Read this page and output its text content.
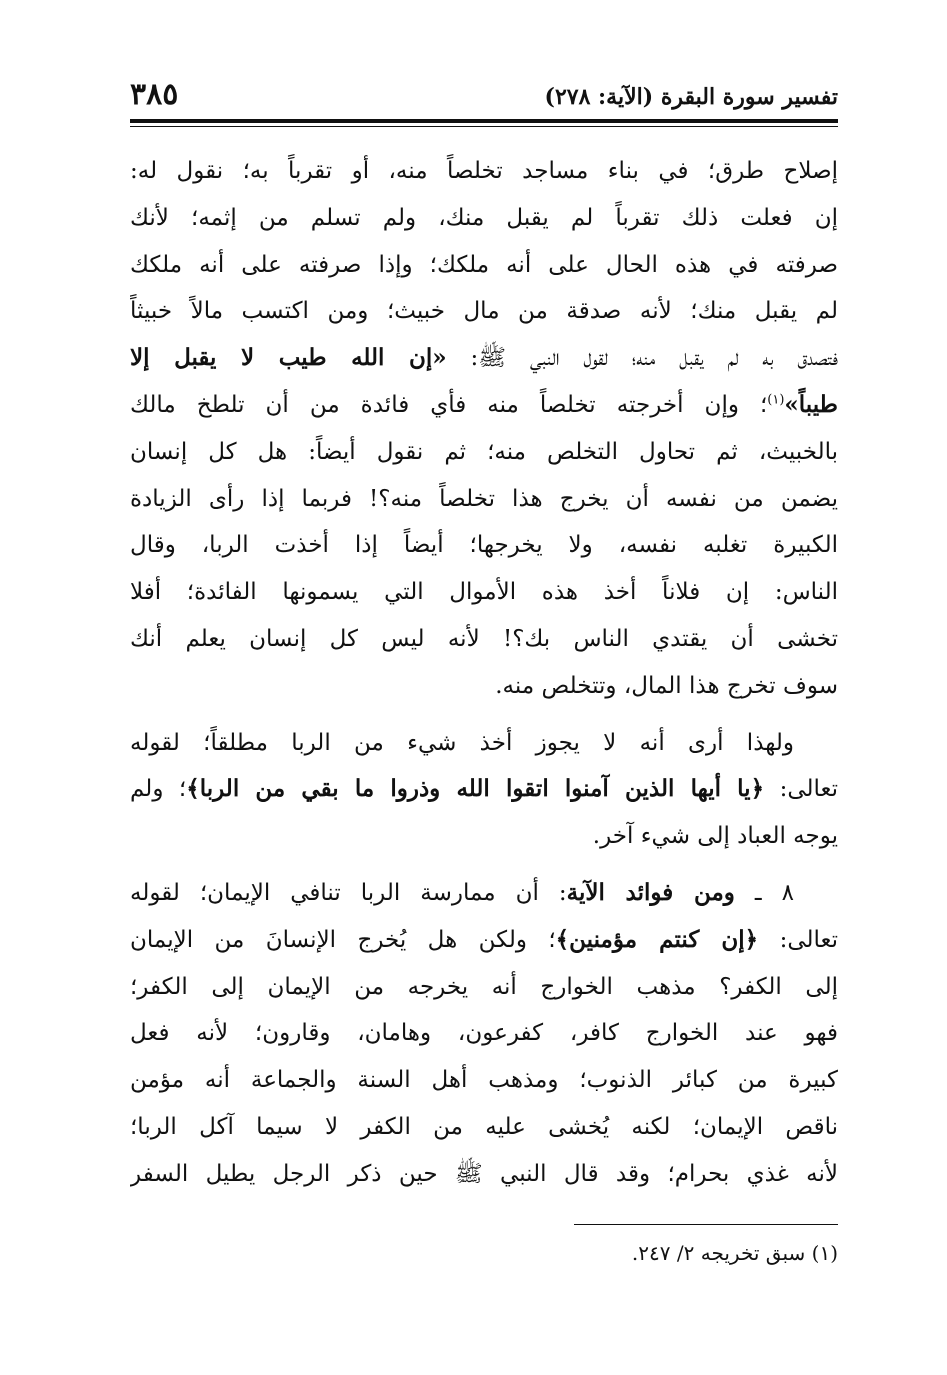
٣٨٥	تفسير سورة البقرة (الآية: ٢٧٨)

إصلاح طرق؛ في بناء مساجد تخلصاً منه، أو تقرباً به؛ نقول له:
إن فعلت ذلك تقرباً لم يقبل منك، ولم تسلم من إثمه؛ لأنك
صرفته في هذه الحال على أنه ملكك؛ وإذا صرفته على أنه ملكك
لم يقبل منك؛ لأنه صدقة من مال خبيث؛ ومن اكتسب مالاً خبيثاً
فتصدق به لم يقبل منه؛ لقول النبي ﷺ: «إن الله طيب لا يقبل إلا
طيباً»$^{(١)}$؛ وإن أخرجته تخلصاً منه فأي فائدة من أن تلطخ مالك
بالخبيث، ثم تحاول التخلص منه؛ ثم نقول أيضاً: هل كل إنسان
يضمن من نفسه أن يخرج هذا تخلصاً منه؟! فربما إذا رأى الزيادة
الكبيرة تغلبه نفسه، ولا يخرجها؛ أيضاً إذا أخذت الربا، وقال
الناس: إن فلاناً أخذ هذه الأموال التي يسمونها الفائدة؛ أفلا
تخشى أن يقتدي الناس بك؟! لأنه ليس كل إنسان يعلم أنك
سوف تخرج هذا المال، وتتخلص منه.

ولهذا أرى أنه لا يجوز أخذ شيء من الربا مطلقاً؛ لقوله
تعالى: ﴿يا أيها الذين آمنوا اتقوا الله وذروا ما بقي من الربا﴾؛ ولم
يوجه العباد إلى شيء آخر.

٨ ـ ومن فوائد الآية: أن ممارسة الربا تنافي الإيمان؛ لقوله
تعالى: ﴿إن كنتم مؤمنين﴾؛ ولكن هل يُخرج الإنسانَ من الإيمان
إلى الكفر؟ مذهب الخوارج أنه يخرجه من الإيمان إلى الكفر؛
فهو عند الخوارج كافر، كفرعون، وهامان، وقارون؛ لأنه فعل
كبيرة من كبائر الذنوب؛ ومذهب أهل السنة والجماعة أنه مؤمن
ناقص الإيمان؛ لكنه يُخشى عليه من الكفر لا سيما آكل الربا؛
لأنه غذي بحرام؛ وقد قال النبي ﷺ حين ذكر الرجل يطيل السفر

(١) سبق تخريجه ٢/ ٢٤٧.
